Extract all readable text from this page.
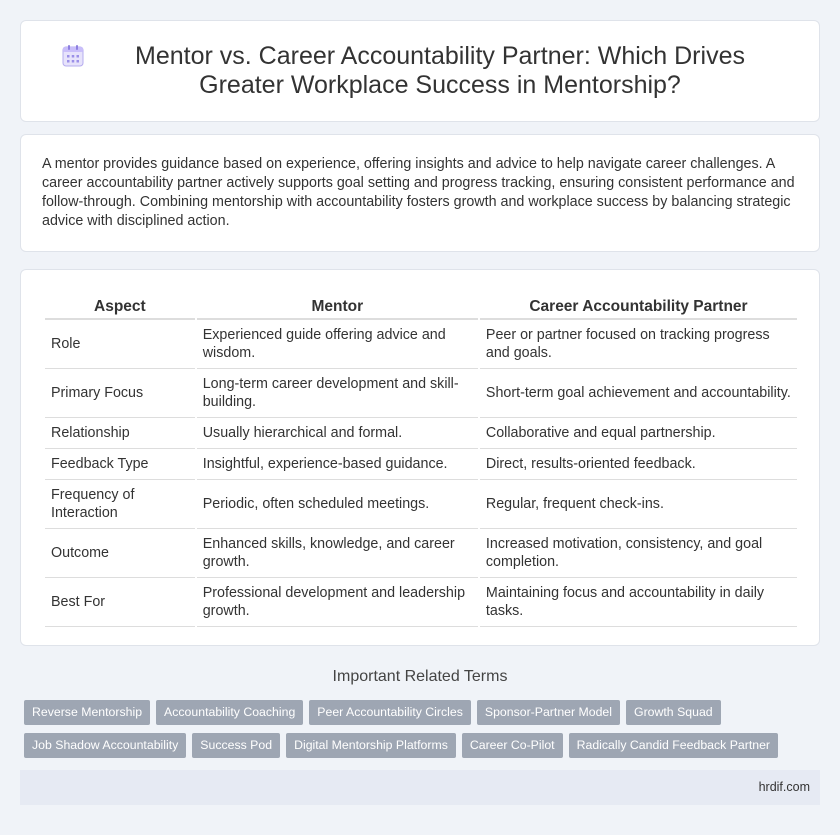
Mentor vs. Career Accountability Partner: Which Drives Greater Workplace Success in Mentorship?

A mentor provides guidance based on experience, offering insights and advice to help navigate career challenges. A career accountability partner actively supports goal setting and progress tracking, ensuring consistent performance and follow-through. Combining mentorship with accountability fosters growth and workplace success by balancing strategic advice with disciplined action.

Aspect	Mentor	Career Accountability Partner
Role	Experienced guide offering advice and wisdom.	Peer or partner focused on tracking progress and goals.
Primary Focus	Long-term career development and skill-building.	Short-term goal achievement and accountability.
Relationship	Usually hierarchical and formal.	Collaborative and equal partnership.
Feedback Type	Insightful, experience-based guidance.	Direct, results-oriented feedback.
Frequency of Interaction	Periodic, often scheduled meetings.	Regular, frequent check-ins.
Outcome	Enhanced skills, knowledge, and career growth.	Increased motivation, consistency, and goal completion.
Best For	Professional development and leadership growth.	Maintaining focus and accountability in daily tasks.
Important Related Terms
Reverse Mentorship	Accountability Coaching	Peer Accountability Circles	Sponsor-Partner Model	Growth Squad
Job Shadow Accountability	Success Pod	Digital Mentorship Platforms	Career Co-Pilot	Radically Candid Feedback Partner
hrdif.com
